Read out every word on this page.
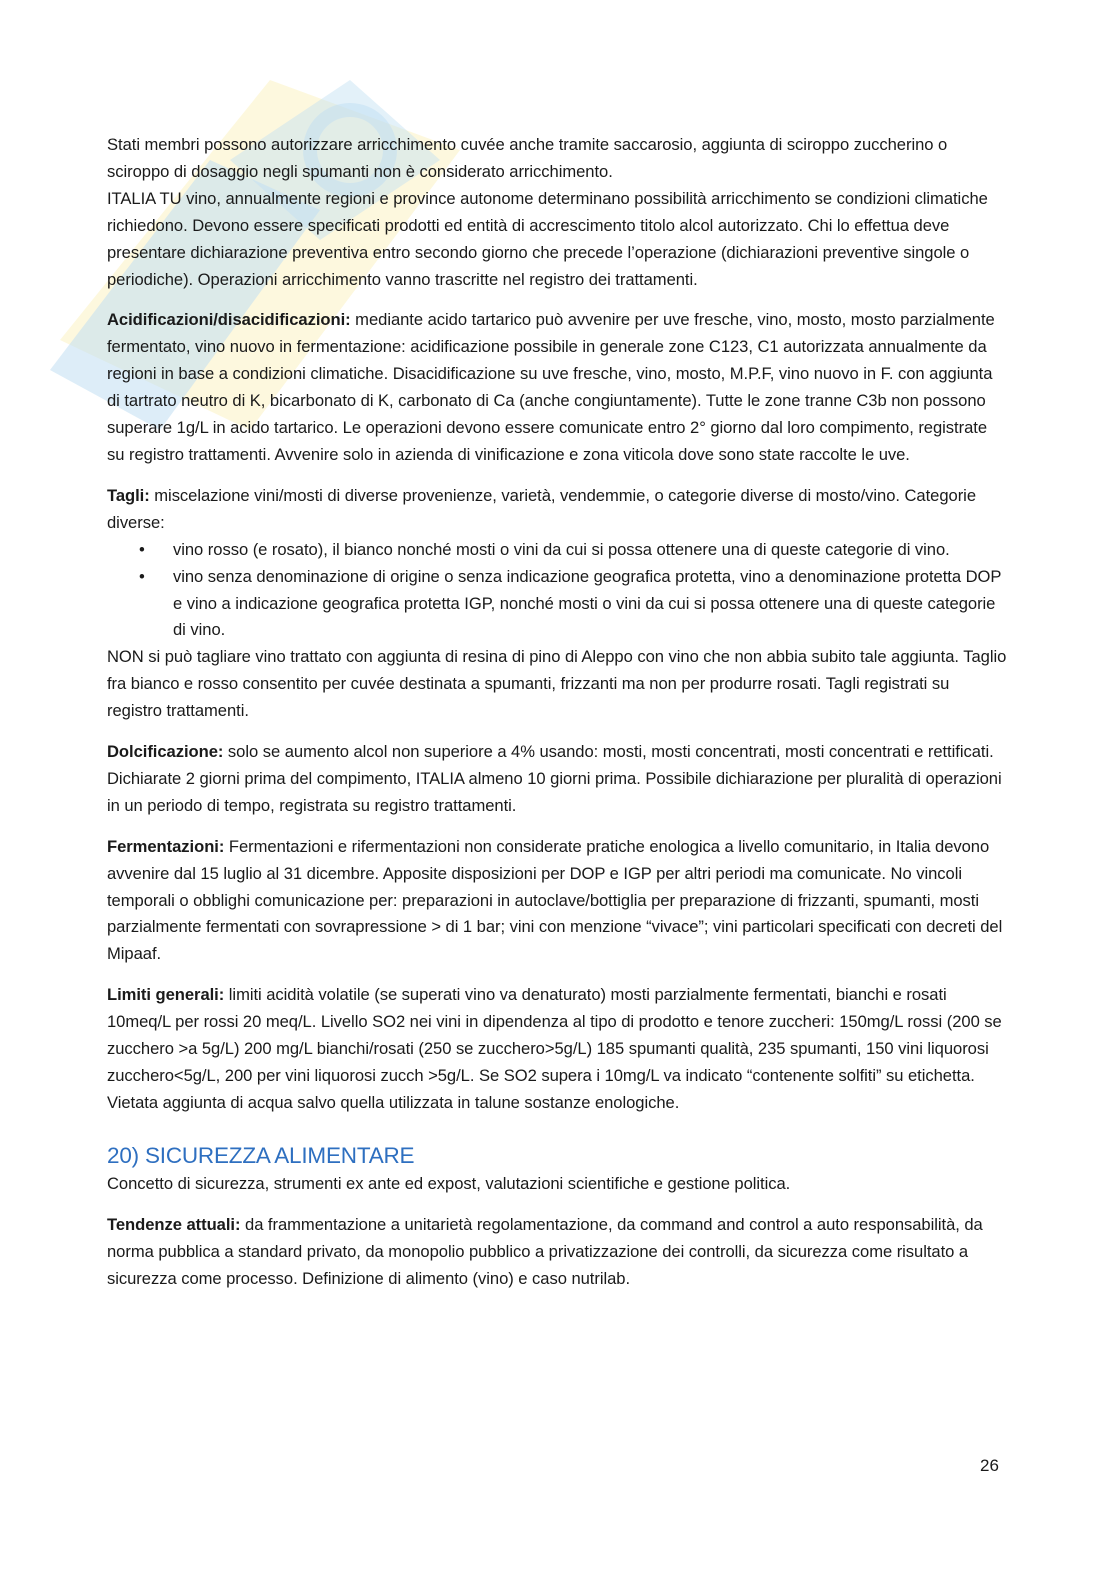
Stati membri possono autorizzare arricchimento cuvée anche tramite saccarosio, aggiunta di sciroppo zuccherino o sciroppo di dosaggio negli spumanti non è considerato arricchimento.

ITALIA TU vino, annualmente regioni e province autonome determinano possibilità arricchimento se condizioni climatiche richiedono. Devono essere specificati prodotti ed entità di accrescimento titolo alcol autorizzato. Chi lo effettua deve presentare dichiarazione preventiva entro secondo giorno che precede l’operazione (dichiarazioni preventive singole o periodiche). Operazioni arricchimento vanno trascritte nel registro dei trattamenti.

Acidificazioni/disacidificazioni: mediante acido tartarico può avvenire per uve fresche, vino, mosto, mosto parzialmente fermentato, vino nuovo in fermentazione: acidificazione possibile in generale zone C123, C1 autorizzata annualmente da regioni in base a condizioni climatiche. Disacidificazione su uve fresche, vino, mosto, M.P.F, vino nuovo in F. con aggiunta di tartrato neutro di K, bicarbonato di K, carbonato di Ca (anche congiuntamente). Tutte le zone tranne C3b non possono superare 1g/L in acido tartarico. Le operazioni devono essere comunicate entro 2° giorno dal loro compimento, registrate su registro trattamenti. Avvenire solo in azienda di vinificazione e zona viticola dove sono state raccolte le uve.

Tagli: miscelazione vini/mosti di diverse provenienze, varietà, vendemmie, o categorie diverse di mosto/vino. Categorie diverse:

• vino rosso (e rosato), il bianco nonché mosti o vini da cui si possa ottenere una di queste categorie di vino.
• vino senza denominazione di origine o senza indicazione geografica protetta, vino a denominazione protetta DOP e vino a indicazione geografica protetta IGP, nonché mosti o vini da cui si possa ottenere una di queste categorie di vino.

NON si può tagliare vino trattato con aggiunta di resina di pino di Aleppo con vino che non abbia subito tale aggiunta. Taglio fra bianco e rosso consentito per cuvée destinata a spumanti, frizzanti ma non per produrre rosati. Tagli registrati su registro trattamenti.

Dolcificazione: solo se aumento alcol non superiore a 4% usando: mosti, mosti concentrati, mosti concentrati e rettificati. Dichiarate 2 giorni prima del compimento, ITALIA almeno 10 giorni prima. Possibile dichiarazione per pluralità di operazioni in un periodo di tempo, registrata su registro trattamenti.

Fermentazioni: Fermentazioni e rifermentazioni non considerate pratiche enologica a livello comunitario, in Italia devono avvenire dal 15 luglio al 31 dicembre. Apposite disposizioni per DOP e IGP per altri periodi ma comunicate. No vincoli temporali o obblighi comunicazione per: preparazioni in autoclave/bottiglia per preparazione di frizzanti, spumanti, mosti parzialmente fermentati con sovrapressione > di 1 bar; vini con menzione “vivace”; vini particolari specificati con decreti del Mipaaf.

Limiti generali: limiti acidità volatile (se superati vino va denaturato) mosti parzialmente fermentati, bianchi e rosati 10meq/L per rossi 20 meq/L. Livello SO2 nei vini in dipendenza al tipo di prodotto e tenore zuccheri: 150mg/L rossi (200 se zucchero >a 5g/L) 200 mg/L bianchi/rosati (250 se zucchero>5g/L) 185 spumanti qualità, 235 spumanti, 150 vini liquorosi zucchero<5g/L, 200 per vini liquorosi zucch >5g/L. Se SO2 supera i 10mg/L va indicato “contenente solfiti” su etichetta. Vietata aggiunta di acqua salvo quella utilizzata in talune sostanze enologiche.

20) SICUREZZA ALIMENTARE

Concetto di sicurezza, strumenti ex ante ed expost, valutazioni scientifiche e gestione politica.

Tendenze attuali: da frammentazione a unitarietà regolamentazione, da command and control a auto responsabilità, da norma pubblica a standard privato, da monopolio pubblico a privatizzazione dei controlli, da sicurezza come risultato a sicurezza come processo. Definizione di alimento (vino) e caso nutrilab.

26
